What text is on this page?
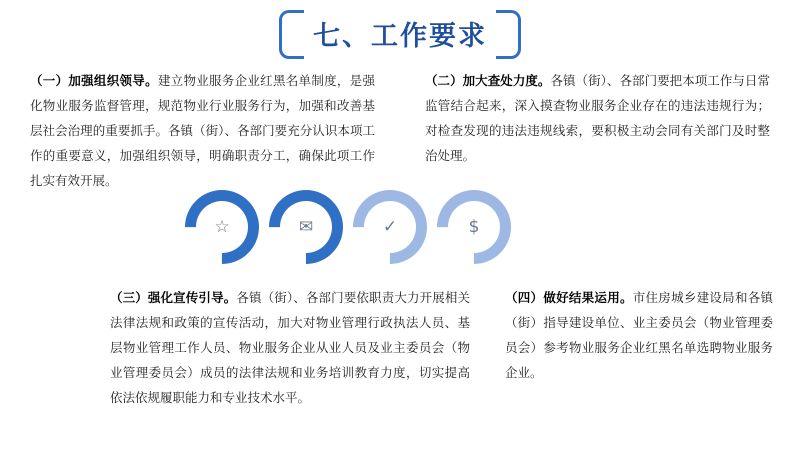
七、工作要求
（一）加强组织领导。建立物业服务企业红黑名单制度，是强化物业服务监督管理，规范物业行业服务行为，加强和改善基层社会治理的重要抓手。各镇（街）、各部门要充分认识本项工作的重要意义，加强组织领导，明确职责分工，确保此项工作扎实有效开展。
（二）加大查处力度。各镇（街）、各部门要把本项工作与日常监管结合起来，深入摸查物业服务企业存在的违法违规行为；对检查发现的违法违规线索，要积极主动会同有关部门及时整治处理。
☆	✉	✓	$
（三）强化宣传引导。各镇（街）、各部门要依职责大力开展相关法律法规和政策的宣传活动，加大对物业管理行政执法人员、基层物业管理工作人员、物业服务企业从业人员及业主委员会（物业管理委员会）成员的法律法规和业务培训教育力度，切实提高依法依规履职能力和专业技术水平。
（四）做好结果运用。市住房城乡建设局和各镇（街）指导建设单位、业主委员会（物业管理委员会）参考物业服务企业红黑名单选聘物业服务企业。
